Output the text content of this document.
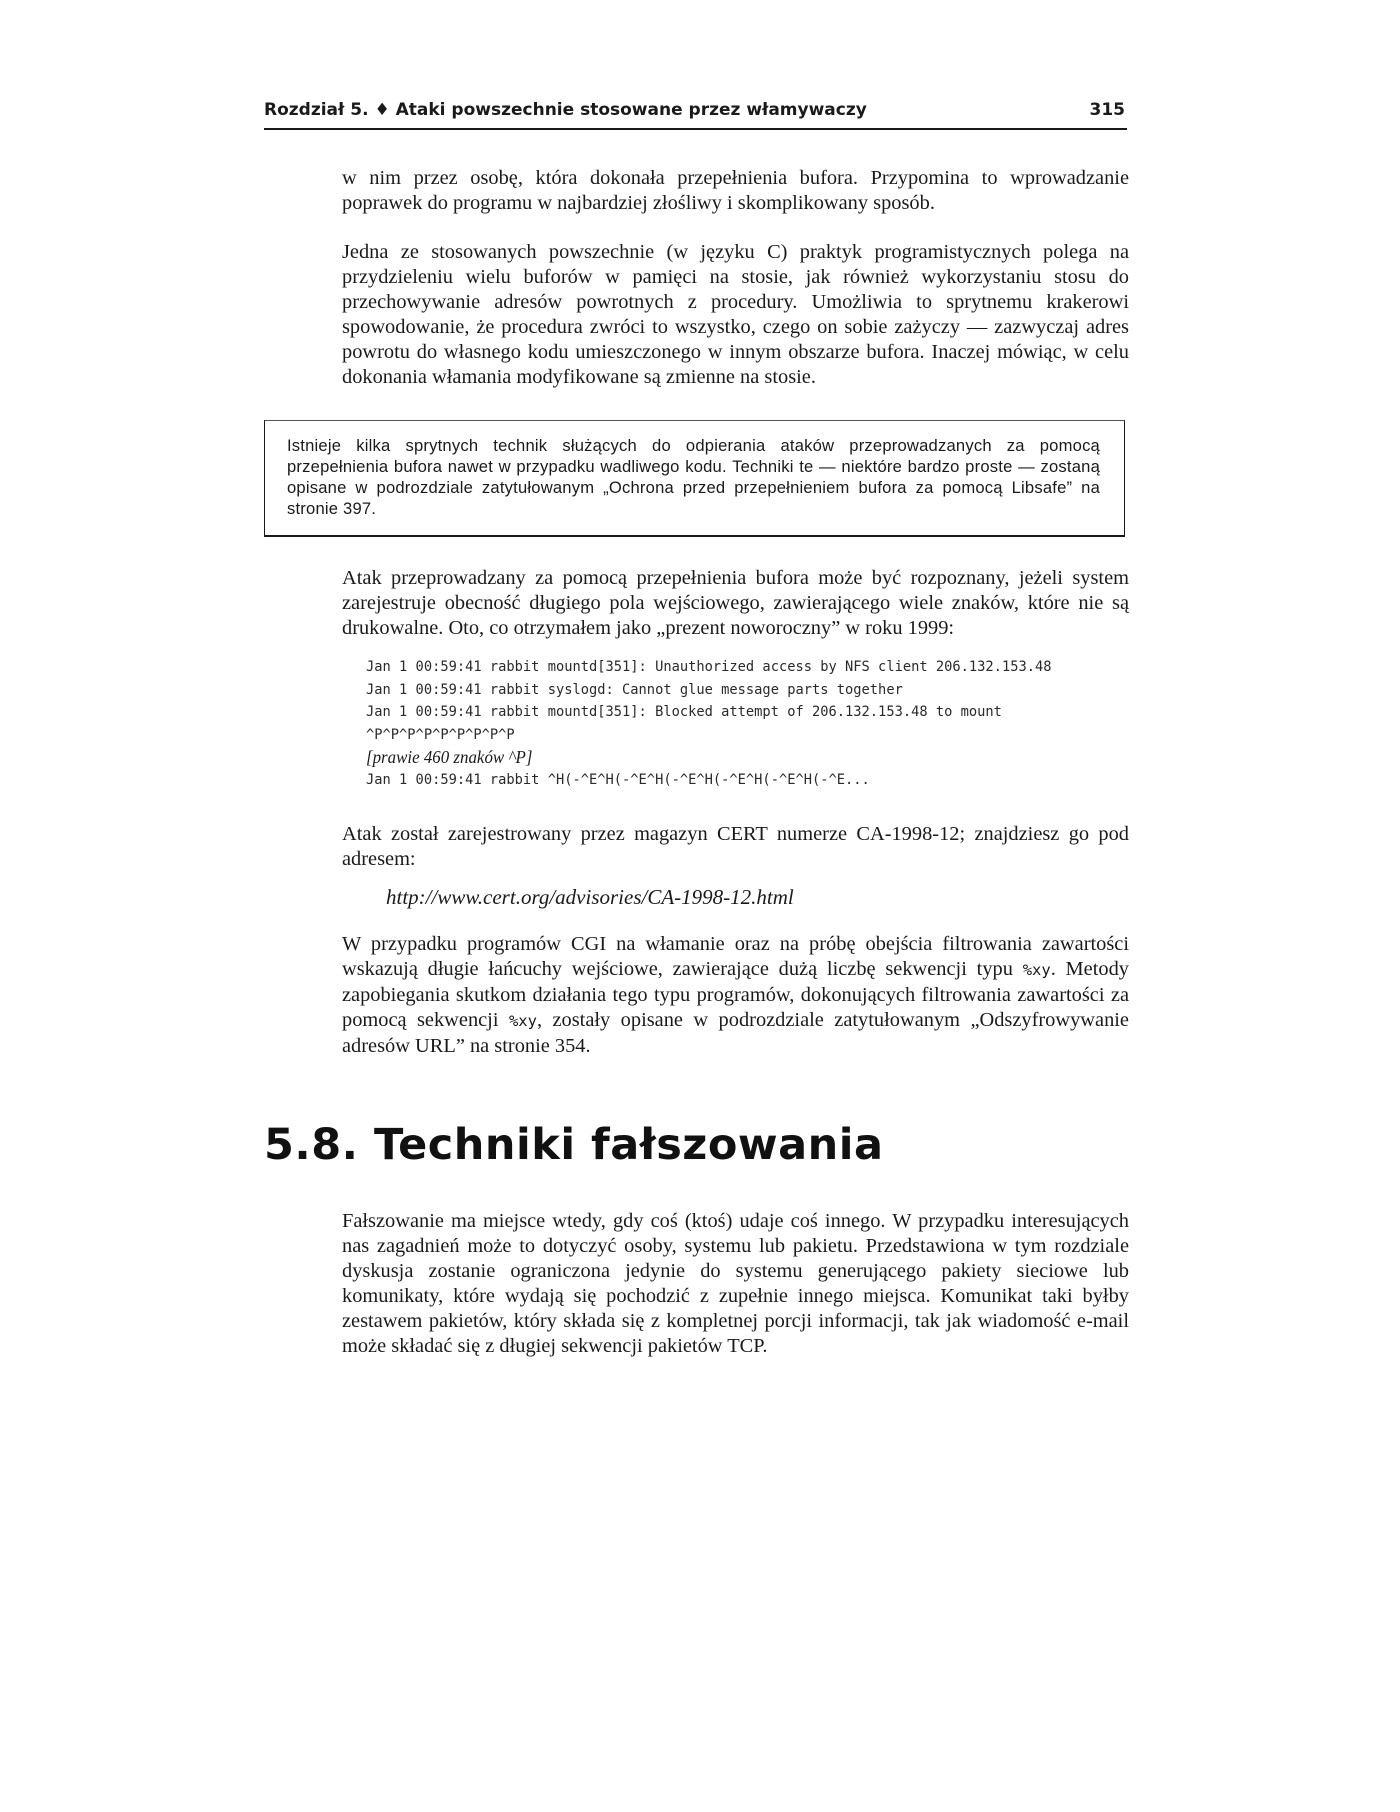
Rozdział 5. ♦ Ataki powszechnie stosowane przez włamywaczy	315

w nim przez osobę, która dokonała przepełnienia bufora. Przypomina to wprowadzanie poprawek do programu w najbardziej złośliwy i skomplikowany sposób.

Jedna ze stosowanych powszechnie (w języku C) praktyk programistycznych polega na przydzieleniu wielu buforów w pamięci na stosie, jak również wykorzystaniu stosu do przechowywanie adresów powrotnych z procedury. Umożliwia to sprytnemu krakerowi spowodowanie, że procedura zwróci to wszystko, czego on sobie zażyczy — zazwyczaj adres powrotu do własnego kodu umieszczonego w innym obszarze bufora. Inaczej mówiąc, w celu dokonania włamania modyfikowane są zmienne na stosie.

Istnieje kilka sprytnych technik służących do odpierania ataków przeprowadzanych za pomocą przepełnienia bufora nawet w przypadku wadliwego kodu. Techniki te — niektóre bardzo proste — zostaną opisane w podrozdziale zatytułowanym „Ochrona przed przepełnieniem bufora za pomocą Libsafe” na stronie 397.

Atak przeprowadzany za pomocą przepełnienia bufora może być rozpoznany, jeżeli system zarejestruje obecność długiego pola wejściowego, zawierającego wiele znaków, które nie są drukowalne. Oto, co otrzymałem jako „prezent noworoczny” w roku 1999:

Jan 1 00:59:41 rabbit mountd[351]: Unauthorized access by NFS client 206.132.153.48
Jan 1 00:59:41 rabbit syslogd: Cannot glue message parts together
Jan 1 00:59:41 rabbit mountd[351]: Blocked attempt of 206.132.153.48 to mount
^P^P^P^P^P^P^P^P^P
[prawie 460 znaków ^P]
Jan 1 00:59:41 rabbit ^H(-^E^H(-^E^H(-^E^H(-^E^H(-^E^H(-^E...

Atak został zarejestrowany przez magazyn CERT numerze CA-1998-12; znajdziesz go pod adresem:

http://www.cert.org/advisories/CA-1998-12.html

W przypadku programów CGI na włamanie oraz na próbę obejścia filtrowania zawartości wskazują długie łańcuchy wejściowe, zawierające dużą liczbę sekwencji typu %xy. Metody zapobiegania skutkom działania tego typu programów, dokonujących filtrowania zawartości za pomocą sekwencji %xy, zostały opisane w podrozdziale zatytułowanym „Odszyfrowywanie adresów URL” na stronie 354.

5.8. Techniki fałszowania

Fałszowanie ma miejsce wtedy, gdy coś (ktoś) udaje coś innego. W przypadku interesujących nas zagadnień może to dotyczyć osoby, systemu lub pakietu. Przedstawiona w tym rozdziale dyskusja zostanie ograniczona jedynie do systemu generującego pakiety sieciowe lub komunikaty, które wydają się pochodzić z zupełnie innego miejsca. Komunikat taki byłby zestawem pakietów, który składa się z kompletnej porcji informacji, tak jak wiadomość e-mail może składać się z długiej sekwencji pakietów TCP.
